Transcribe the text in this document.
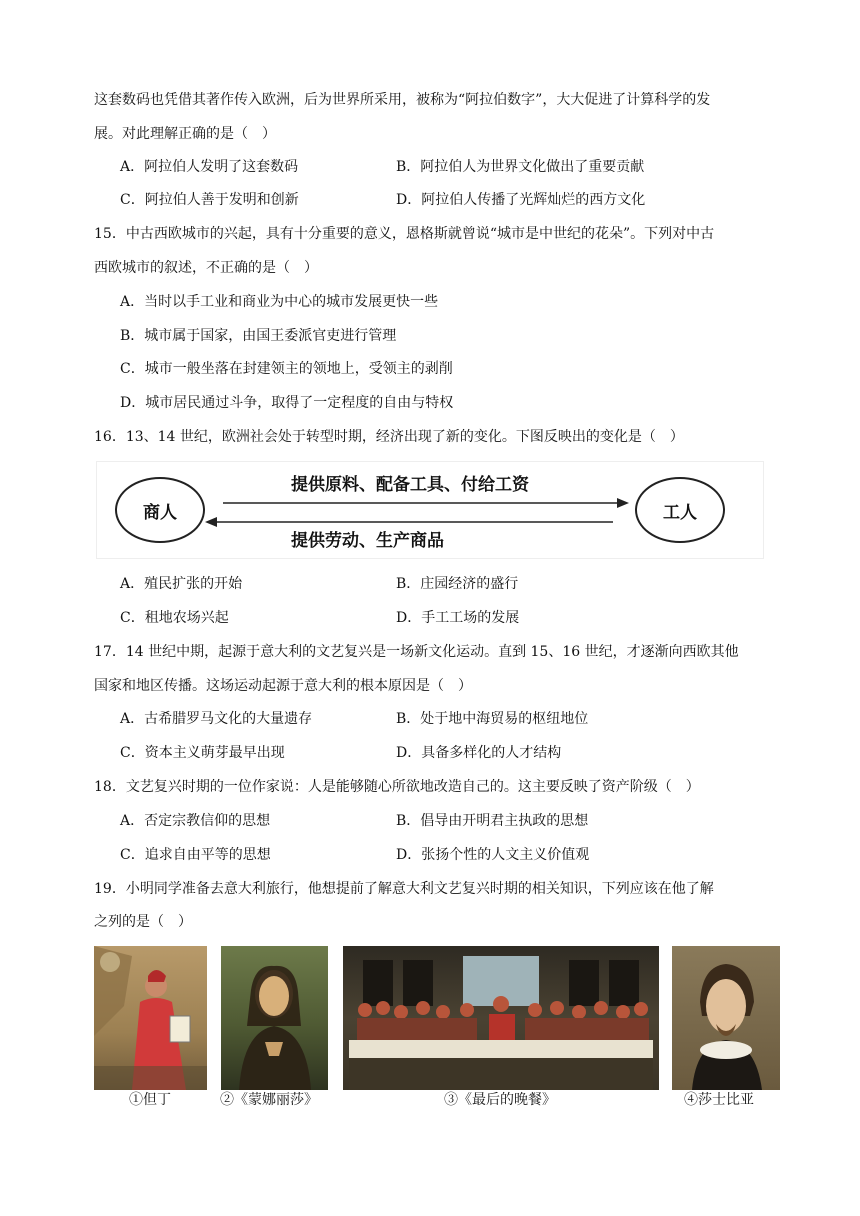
这套数码也凭借其著作传入欧洲，后为世界所采用，被称为“阿拉伯数字”，大大促进了计算科学的发
展。对此理解正确的是（　）
A．阿拉伯人发明了这套数码	B．阿拉伯人为世界文化做出了重要贡献
C．阿拉伯人善于发明和创新	D．阿拉伯人传播了光辉灿烂的西方文化
15．中古西欧城市的兴起，具有十分重要的意义，恩格斯就曾说“城市是中世纪的花朵”。下列对中古
西欧城市的叙述，不正确的是（　）
A．当时以手工业和商业为中心的城市发展更快一些
B．城市属于国家，由国王委派官吏进行管理
C．城市一般坐落在封建领主的领地上，受领主的剥削
D．城市居民通过斗争，取得了一定程度的自由与特权
16．13、14 世纪，欧洲社会处于转型时期，经济出现了新的变化。下图反映出的变化是（　）
商人	工人
提供原料、配备工具、付给工资
提供劳动、生产商品
A．殖民扩张的开始	B．庄园经济的盛行
C．租地农场兴起	D．手工工场的发展
17．14 世纪中期，起源于意大利的文艺复兴是一场新文化运动。直到 15、16 世纪，才逐渐向西欧其他
国家和地区传播。这场运动起源于意大利的根本原因是（　）
A．古希腊罗马文化的大量遗存	B．处于地中海贸易的枢纽地位
C．资本主义萌芽最早出现	D．具备多样化的人才结构
18．文艺复兴时期的一位作家说：人是能够随心所欲地改造自己的。这主要反映了资产阶级（　）
A．否定宗教信仰的思想	B．倡导由开明君主执政的思想
C．追求自由平等的思想	D．张扬个性的人文主义价值观
19．小明同学准备去意大利旅行，他想提前了解意大利文艺复兴时期的相关知识，下列应该在他了解
之列的是（　）
①但丁	②《蒙娜丽莎》	③《最后的晚餐》	④莎士比亚
